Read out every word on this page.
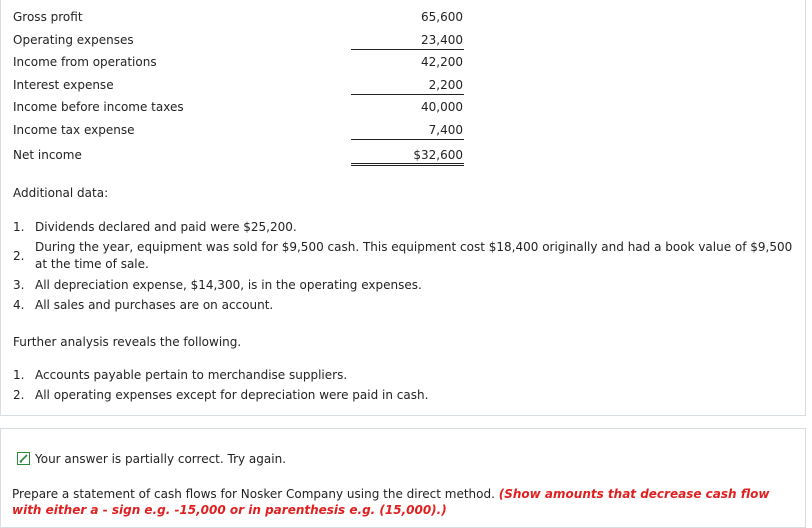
Gross profit	65,600
Operating expenses	23,400
Income from operations	42,200
Interest expense	2,200
Income before income taxes	40,000
Income tax expense	7,400
Net income	$32,600
Additional data:
1. Dividends declared and paid were $25,200.
2.
During the year, equipment was sold for $9,500 cash. This equipment cost $18,400 originally and had a book value of $9,500
at the time of sale.
3. All depreciation expense, $14,300, is in the operating expenses.
4. All sales and purchases are on account.
Further analysis reveals the following.
1. Accounts payable pertain to merchandise suppliers.
2. All operating expenses except for depreciation were paid in cash.
Your answer is partially correct. Try again.
Prepare a statement of cash flows for Nosker Company using the direct method. (Show amounts that decrease cash flow
with either a - sign e.g. -15,000 or in parenthesis e.g. (15,000).)
